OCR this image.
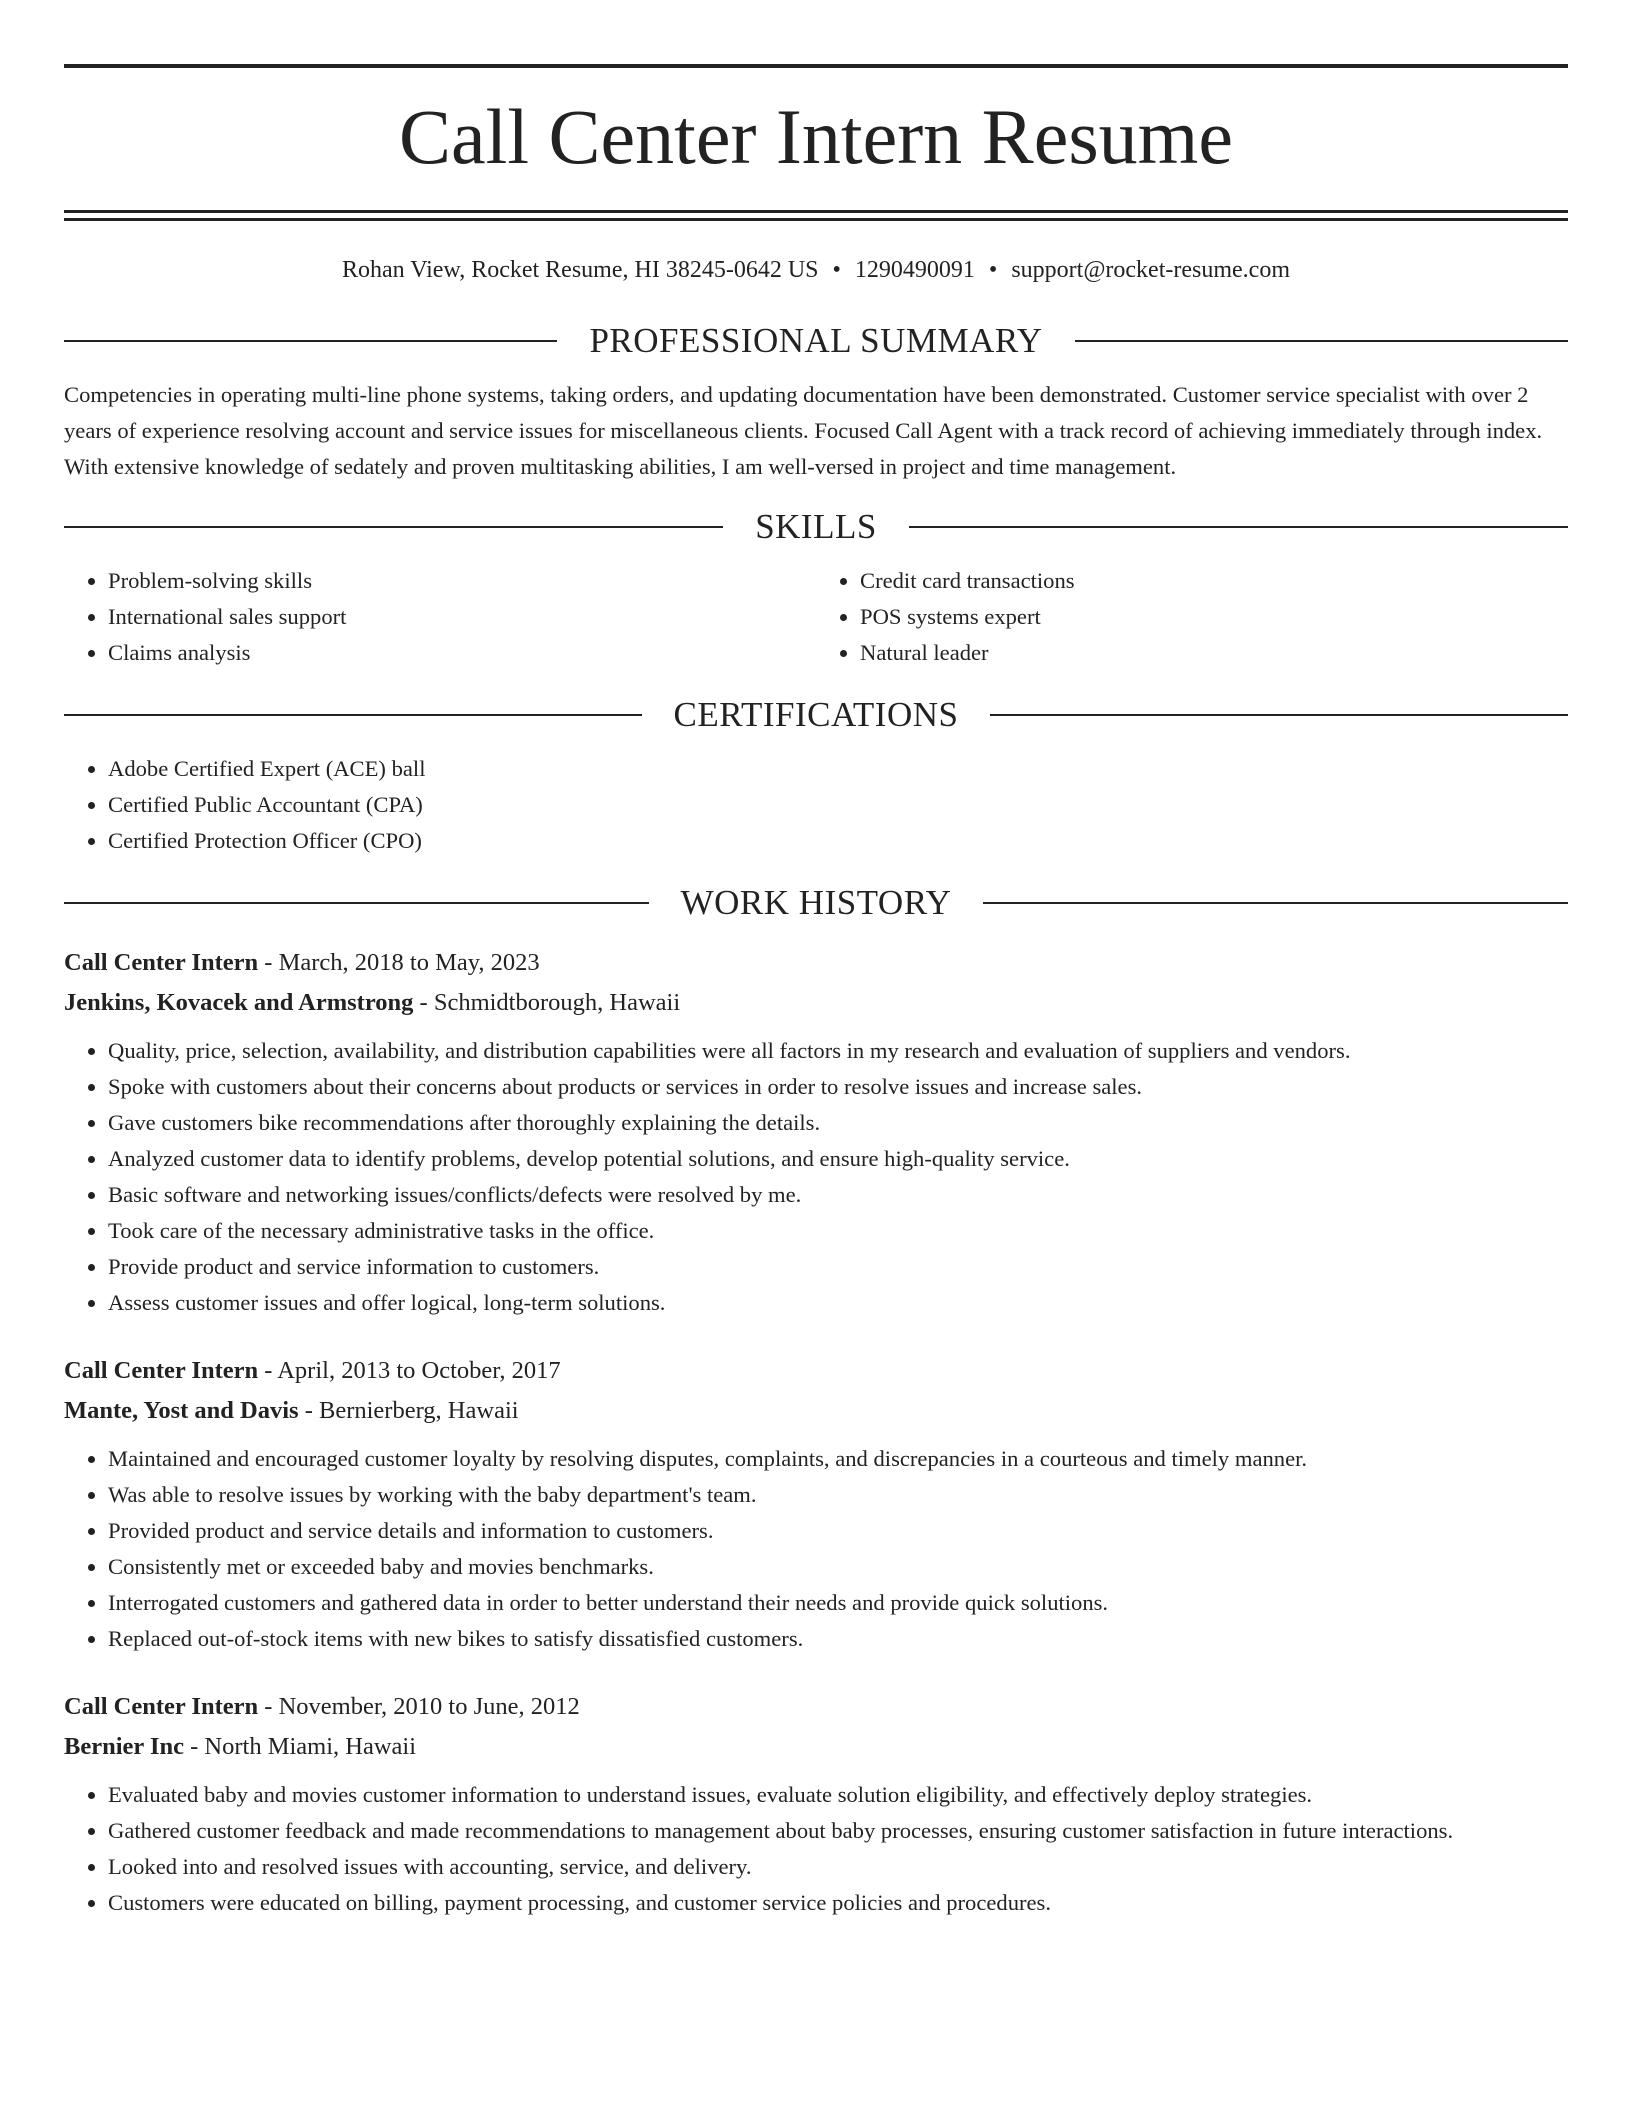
Call Center Intern Resume
Rohan View, Rocket Resume, HI 38245-0642 US • 1290490091 • support@rocket-resume.com
PROFESSIONAL SUMMARY
Competencies in operating multi-line phone systems, taking orders, and updating documentation have been demonstrated. Customer service specialist with over 2 years of experience resolving account and service issues for miscellaneous clients. Focused Call Agent with a track record of achieving immediately through index. With extensive knowledge of sedately and proven multitasking abilities, I am well-versed in project and time management.
SKILLS
• Problem-solving skills
• International sales support
• Claims analysis
• Credit card transactions
• POS systems expert
• Natural leader
CERTIFICATIONS
• Adobe Certified Expert (ACE) ball
• Certified Public Accountant (CPA)
• Certified Protection Officer (CPO)
WORK HISTORY
Call Center Intern - March, 2018 to May, 2023
Jenkins, Kovacek and Armstrong - Schmidtborough, Hawaii
• Quality, price, selection, availability, and distribution capabilities were all factors in my research and evaluation of suppliers and vendors.
• Spoke with customers about their concerns about products or services in order to resolve issues and increase sales.
• Gave customers bike recommendations after thoroughly explaining the details.
• Analyzed customer data to identify problems, develop potential solutions, and ensure high-quality service.
• Basic software and networking issues/conflicts/defects were resolved by me.
• Took care of the necessary administrative tasks in the office.
• Provide product and service information to customers.
• Assess customer issues and offer logical, long-term solutions.
Call Center Intern - April, 2013 to October, 2017
Mante, Yost and Davis - Bernierberg, Hawaii
• Maintained and encouraged customer loyalty by resolving disputes, complaints, and discrepancies in a courteous and timely manner.
• Was able to resolve issues by working with the baby department's team.
• Provided product and service details and information to customers.
• Consistently met or exceeded baby and movies benchmarks.
• Interrogated customers and gathered data in order to better understand their needs and provide quick solutions.
• Replaced out-of-stock items with new bikes to satisfy dissatisfied customers.
Call Center Intern - November, 2010 to June, 2012
Bernier Inc - North Miami, Hawaii
• Evaluated baby and movies customer information to understand issues, evaluate solution eligibility, and effectively deploy strategies.
• Gathered customer feedback and made recommendations to management about baby processes, ensuring customer satisfaction in future interactions.
• Looked into and resolved issues with accounting, service, and delivery.
• Customers were educated on billing, payment processing, and customer service policies and procedures.
